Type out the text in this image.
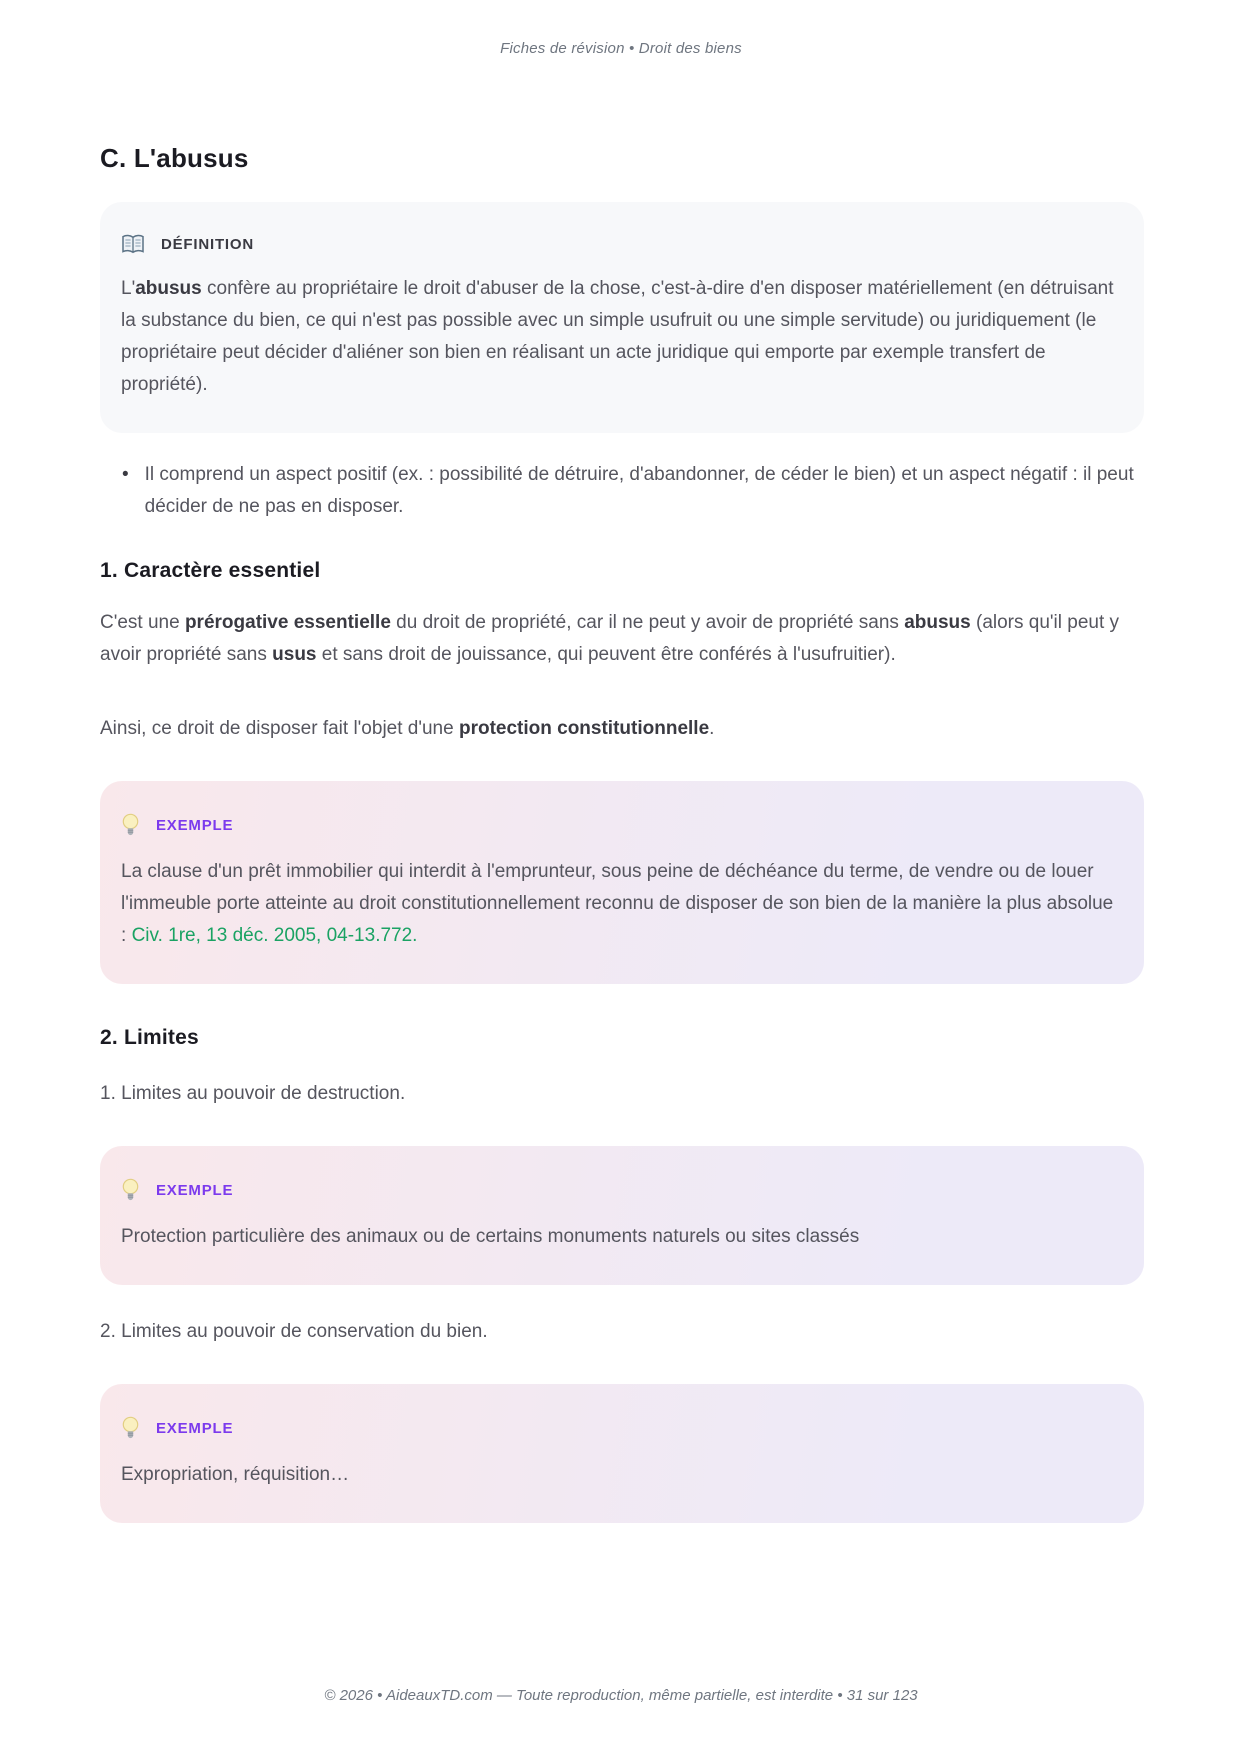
Fiches de révision • Droit des biens
C. L'abusus
DÉFINITION

L'abusus confère au propriétaire le droit d'abuser de la chose, c'est-à-dire d'en disposer matériellement (en détruisant la substance du bien, ce qui n'est pas possible avec un simple usufruit ou une simple servitude) ou juridiquement (le propriétaire peut décider d'aliéner son bien en réalisant un acte juridique qui emporte par exemple transfert de propriété).

• Il comprend un aspect positif (ex. : possibilité de détruire, d'abandonner, de céder le bien) et un aspect négatif : il peut décider de ne pas en disposer.
1. Caractère essentiel

C'est une prérogative essentielle du droit de propriété, car il ne peut y avoir de propriété sans abusus (alors qu'il peut y avoir propriété sans usus et sans droit de jouissance, qui peuvent être conférés à l'usufruitier).

Ainsi, ce droit de disposer fait l'objet d'une protection constitutionnelle.

EXEMPLE

La clause d'un prêt immobilier qui interdit à l'emprunteur, sous peine de déchéance du terme, de vendre ou de louer l'immeuble porte atteinte au droit constitutionnellement reconnu de disposer de son bien de la manière la plus absolue : Civ. 1re, 13 déc. 2005, 04-13.772.

2. Limites

1. Limites au pouvoir de destruction.

EXEMPLE

Protection particulière des animaux ou de certains monuments naturels ou sites classés

2. Limites au pouvoir de conservation du bien.

EXEMPLE

Expropriation, réquisition…

© 2026 • AideauxTD.com — Toute reproduction, même partielle, est interdite • 31 sur 123
